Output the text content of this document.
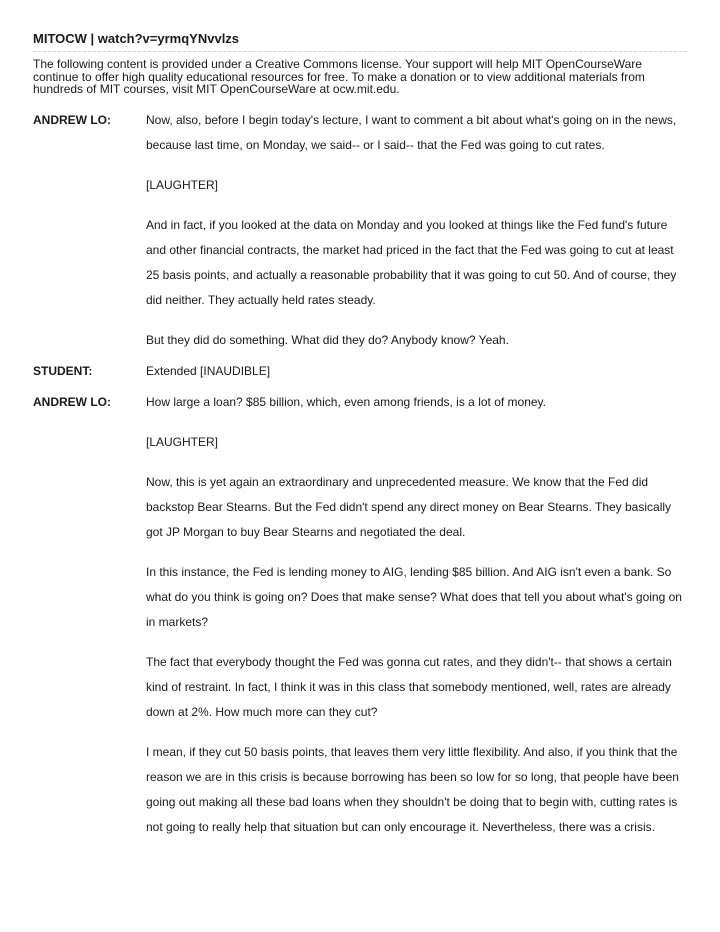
MITOCW | watch?v=yrmqYNvvlzs

The following content is provided under a Creative Commons license. Your support will help MIT OpenCourseWare continue to offer high quality educational resources for free. To make a donation or to view additional materials from hundreds of MIT courses, visit MIT OpenCourseWare at ocw.mit.edu.

ANDREW LO:	Now, also, before I begin today's lecture, I want to comment a bit about what's going on in the news, because last time, on Monday, we said-- or I said-- that the Fed was going to cut rates.

[LAUGHTER]

And in fact, if you looked at the data on Monday and you looked at things like the Fed fund's future and other financial contracts, the market had priced in the fact that the Fed was going to cut at least 25 basis points, and actually a reasonable probability that it was going to cut 50. And of course, they did neither. They actually held rates steady.

But they did do something. What did they do? Anybody know? Yeah.

STUDENT:	Extended [INAUDIBLE]

ANDREW LO:	How large a loan? $85 billion, which, even among friends, is a lot of money.

[LAUGHTER]

Now, this is yet again an extraordinary and unprecedented measure. We know that the Fed did backstop Bear Stearns. But the Fed didn't spend any direct money on Bear Stearns. They basically got JP Morgan to buy Bear Stearns and negotiated the deal.

In this instance, the Fed is lending money to AIG, lending $85 billion. And AIG isn't even a bank. So what do you think is going on? Does that make sense? What does that tell you about what's going on in markets?

The fact that everybody thought the Fed was gonna cut rates, and they didn't-- that shows a certain kind of restraint. In fact, I think it was in this class that somebody mentioned, well, rates are already down at 2%. How much more can they cut?

I mean, if they cut 50 basis points, that leaves them very little flexibility. And also, if you think that the reason we are in this crisis is because borrowing has been so low for so long, that people have been going out making all these bad loans when they shouldn't be doing that to begin with, cutting rates is not going to really help that situation but can only encourage it. Nevertheless, there was a crisis.
